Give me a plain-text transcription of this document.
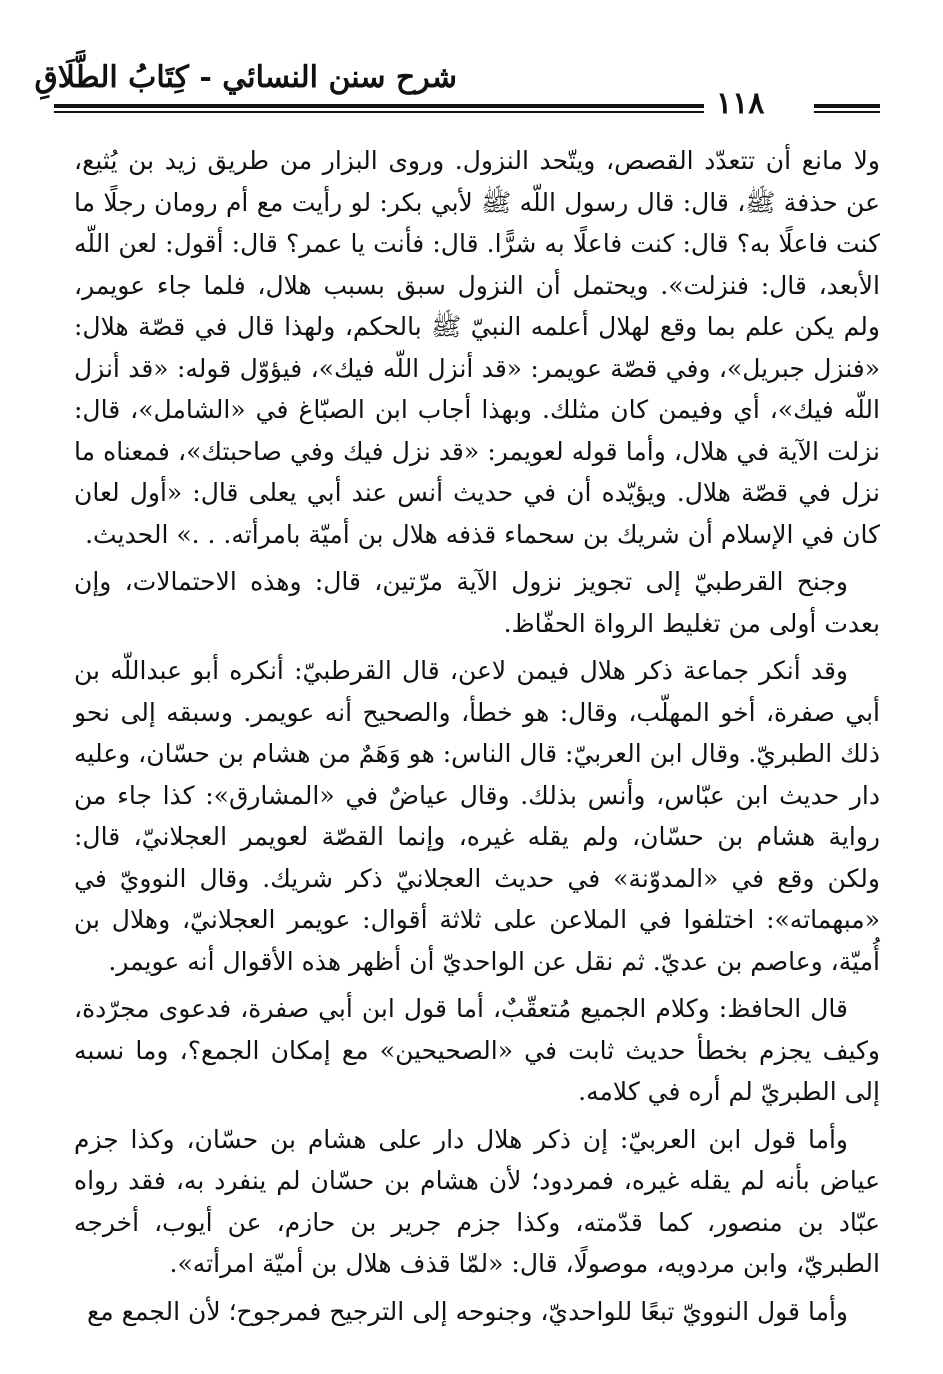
شرح سنن النسائي - كِتَابُ الطَّلَاقِ
١١٨

ولا مانع أن تتعدّد القصص، ويتّحد النزول. وروى البزار من طريق زيد بن يُثيع، عن حذفة ﷺ، قال: قال رسول اللّه ﷺ لأبي بكر: لو رأيت مع أم رومان رجلًا ما كنت فاعلًا به؟ قال: كنت فاعلًا به شرًّا. قال: فأنت يا عمر؟ قال: أقول: لعن اللّه الأبعد، قال: فنزلت». ويحتمل أن النزول سبق بسبب هلال، فلما جاء عويمر، ولم يكن علم بما وقع لهلال أعلمه النبيّ ﷺ بالحكم، ولهذا قال في قصّة هلال: «فنزل جبريل»، وفي قصّة عويمر: «قد أنزل اللّه فيك»، فيؤوّل قوله: «قد أنزل اللّه فيك»، أي وفيمن كان مثلك. وبهذا أجاب ابن الصبّاغ في «الشامل»، قال: نزلت الآية في هلال، وأما قوله لعويمر: «قد نزل فيك وفي صاحبتك»، فمعناه ما نزل في قصّة هلال. ويؤيّده أن في حديث أنس عند أبي يعلى قال: «أول لعان كان في الإسلام أن شريك بن سحماء قذفه هلال بن أميّة بامرأته. . .» الحديث.

وجنح القرطبيّ إلى تجويز نزول الآية مرّتين، قال: وهذه الاحتمالات، وإن بعدت أولى من تغليط الرواة الحفّاظ.

وقد أنكر جماعة ذكر هلال فيمن لاعن، قال القرطبيّ: أنكره أبو عبداللّه بن أبي صفرة، أخو المهلّب، وقال: هو خطأ، والصحيح أنه عويمر. وسبقه إلى نحو ذلك الطبريّ. وقال ابن العربيّ: قال الناس: هو وَهَمٌ من هشام بن حسّان، وعليه دار حديث ابن عبّاس، وأنس بذلك. وقال عياضٌ في «المشارق»: كذا جاء من رواية هشام بن حسّان، ولم يقله غيره، وإنما القصّة لعويمر العجلانيّ، قال: ولكن وقع في «المدوّنة» في حديث العجلانيّ ذكر شريك. وقال النوويّ في «مبهماته»: اختلفوا في الملاعن على ثلاثة أقوال: عويمر العجلانيّ، وهلال بن أُميّة، وعاصم بن عديّ. ثم نقل عن الواحديّ أن أظهر هذه الأقوال أنه عويمر.

قال الحافظ: وكلام الجميع مُتعقّبٌ، أما قول ابن أبي صفرة، فدعوى مجرّدة، وكيف يجزم بخطأ حديث ثابت في «الصحيحين» مع إمكان الجمع؟، وما نسبه إلى الطبريّ لم أره في كلامه.

وأما قول ابن العربيّ: إن ذكر هلال دار على هشام بن حسّان، وكذا جزم عياض بأنه لم يقله غيره، فمردود؛ لأن هشام بن حسّان لم ينفرد به، فقد رواه عبّاد بن منصور، كما قدّمته، وكذا جزم جرير بن حازم، عن أيوب، أخرجه الطبريّ، وابن مردويه، موصولًا، قال: «لمّا قذف هلال بن أميّة امرأته».

وأما قول النوويّ تبعًا للواحديّ، وجنوحه إلى الترجيح فمرجوح؛ لأن الجمع مع
